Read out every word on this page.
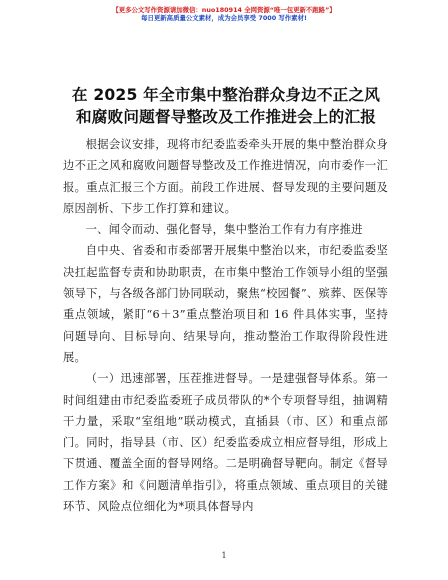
【更多公文写作资源请加微信：nuo180914 全网资源“唯一包更新不跑路”】
每日更新高质量公文素材，成为会员享受 7000 写作素材!
在 2025 年全市集中整治群众身边不正之风和腐败问题督导整改及工作推进会上的汇报

根据会议安排，现将市纪委监委牵头开展的集中整治群众身边不正之风和腐败问题督导整改及工作推进情况，向市委作一汇报。重点汇报三个方面。前段工作进展、督导发现的主要问题及原因剖析、下步工作打算和建议。

一、闻令而动、强化督导，集中整治工作有力有序推进

自中央、省委和市委部署开展集中整治以来，市纪委监委坚决扛起监督专责和协助职责，在市集中整治工作领导小组的坚强领导下，与各级各部门协同联动，聚焦“校园餐”、殡葬、医保等重点领域，紧盯“6＋3”重点整治项目和 16 件具体实事，坚持问题导向、目标导向、结果导向，推动整治工作取得阶段性进展。

（一）迅速部署，压茬推进督导。一是建强督导体系。第一时间组建由市纪委监委班子成员带队的*个专项督导组，抽调精干力量，采取“室组地”联动模式，直插县（市、区）和重点部门。同时，指导县（市、区）纪委监委成立相应督导组，形成上下贯通、覆盖全面的督导网络。二是明确督导靶向。制定《督导工作方案》和《问题清单指引》，将重点领域、重点项目的关键环节、风险点位细化为*项具体督导内

1
